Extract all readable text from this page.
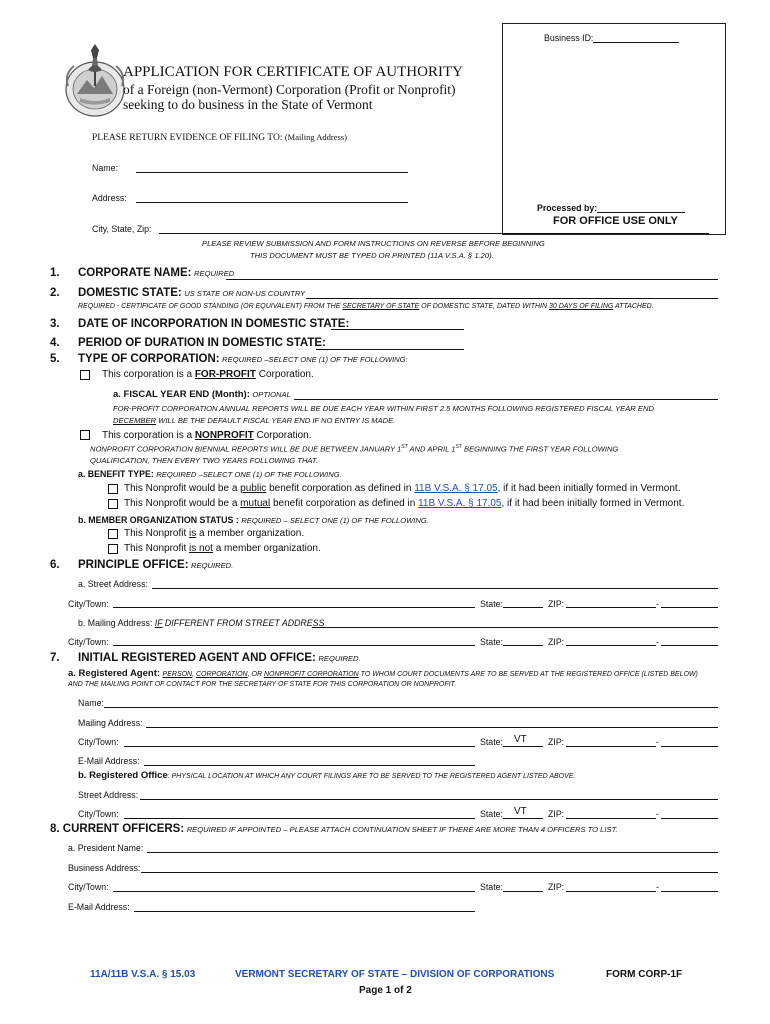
Business ID:
Processed by:
FOR OFFICE USE ONLY
APPLICATION FOR CERTIFICATE OF AUTHORITY
of a Foreign (non-Vermont) Corporation (Profit or Nonprofit)
seeking to do business in the State of Vermont
PLEASE RETURN EVIDENCE OF FILING TO: (Mailing Address)
Name:
Address:
City, State, Zip:
PLEASE REVIEW SUBMISSION AND FORM INSTRUCTIONS ON REVERSE BEFORE BEGINNING
THIS DOCUMENT MUST BE TYPED OR PRINTED (11A V.S.A. § 1.20).
1. CORPORATE NAME: REQUIRED
2. DOMESTIC STATE: US STATE OR NON-US COUNTRY
REQUIRED - CERTIFICATE OF GOOD STANDING (OR EQUIVALENT) FROM THE SECRETARY OF STATE OF DOMESTIC STATE, DATED WITHIN 30 DAYS OF FILING ATTACHED.
3. DATE OF INCORPORATION IN DOMESTIC STATE:
4. PERIOD OF DURATION IN DOMESTIC STATE:
5. TYPE OF CORPORATION: REQUIRED –SELECT ONE (1) OF THE FOLLOWING:
This corporation is a FOR-PROFIT Corporation.
a. FISCAL YEAR END (Month): OPTIONAL
FOR-PROFIT CORPORATION ANNUAL REPORTS WILL BE DUE EACH YEAR WITHIN FIRST 2.5 MONTHS FOLLOWING REGISTERED FISCAL YEAR END
DECEMBER WILL BE THE DEFAULT FISCAL YEAR END IF NO ENTRY IS MADE.
This corporation is a NONPROFIT Corporation.
NONPROFIT CORPORATION BIENNIAL REPORTS WILL BE DUE BETWEEN JANUARY 1ST AND APRIL 1ST BEGINNING THE FIRST YEAR FOLLOWING
QUALIFICATION, THEN EVERY TWO YEARS FOLLOWING THAT.
a. BENEFIT TYPE: REQUIRED –SELECT ONE (1) OF THE FOLLOWING.
This Nonprofit would be a public benefit corporation as defined in 11B V.S.A. § 17.05, if it had been initially formed in Vermont.
This Nonprofit would be a mutual benefit corporation as defined in 11B V.S.A. § 17.05, if it had been initially formed in Vermont.
b. MEMBER ORGANIZATION STATUS : REQUIRED – SELECT ONE (1) OF THE FOLLOWING.
This Nonprofit is a member organization.
This Nonprofit is not a member organization.
6. PRINCIPLE OFFICE: REQUIRED.
a. Street Address:
City/Town:	State:	ZIP:	-
b. Mailing Address: IF DIFFERENT FROM STREET ADDRESS
City/Town:	State:	ZIP:	-
7. INITIAL REGISTERED AGENT AND OFFICE: REQUIRED.
a. Registered Agent: PERSON, CORPORATION, OR NONPROFIT CORPORATION TO WHOM COURT DOCUMENTS ARE TO BE SERVED AT THE REGISTERED OFFICE (LISTED BELOW)
AND THE MAILING POINT OF CONTACT FOR THE SECRETARY OF STATE FOR THIS CORPORATION OR NONPROFIT.
Name:
Mailing Address:
City/Town:	State: VT ZIP:	-
E-Mail Address:
b. Registered Office: PHYSICAL LOCATION AT WHICH ANY COURT FILINGS ARE TO BE SERVED TO THE REGISTERED AGENT LISTED ABOVE.
Street Address:
City/Town:	State: VT ZIP:	-
8. CURRENT OFFICERS: REQUIRED IF APPOINTED – PLEASE ATTACH CONTINUATION SHEET IF THERE ARE MORE THAN 4 OFFICERS TO LIST.
a. President Name:
Business Address:
City/Town:	State:	ZIP:	-
E-Mail Address:
11A/11B V.S.A. § 15.03	VERMONT SECRETARY OF STATE – DIVISION OF CORPORATIONS	FORM CORP-1F
Page 1 of 2
